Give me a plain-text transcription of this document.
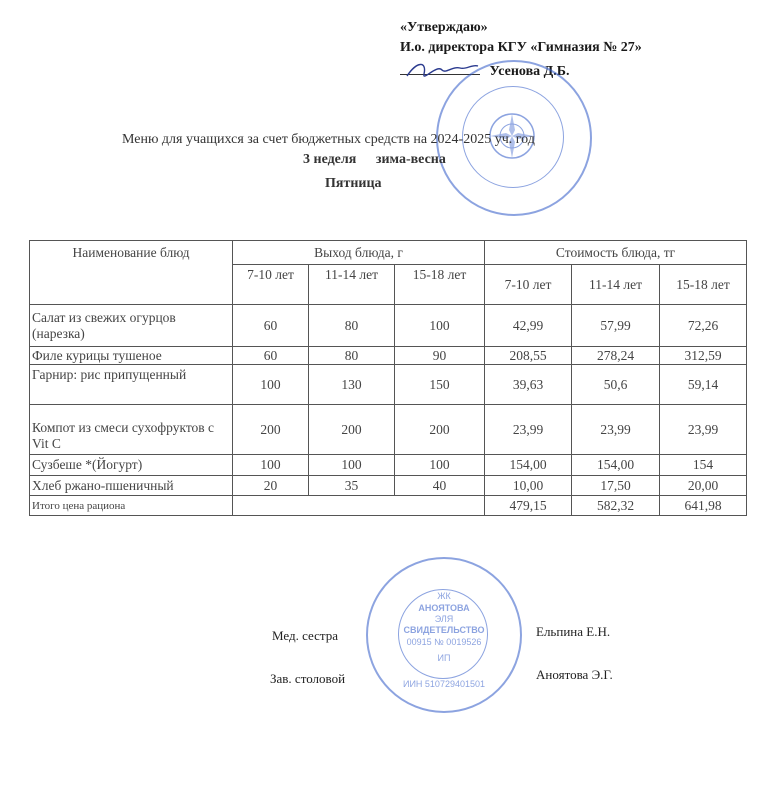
«Утверждаю»
И.о. директора КГУ «Гимназия № 27»
Усенова Д.Б.
Меню для учащихся за счет бюджетных средств на 2024-2025 уч. год
3 неделя зима-весна
Пятница
Наименование блюд	Выход блюда, г			Стоимость блюда, тг		
	7-10 лет	11-14 лет	15-18 лет	7-10 лет	11-14 лет	15-18 лет
Салат из свежих огурцов (нарезка)	60	80	100	42,99	57,99	72,26
Филе курицы тушеное	60	80	90	208,55	278,24	312,59
Гарнир: рис припущенный	100	130	150	39,63	50,6	59,14
Компот из смеси сухофруктов с Vit C	200	200	200	23,99	23,99	23,99
Сузбеше *(Йогурт)	100	100	100	154,00	154,00	154
Хлеб ржано-пшеничный	20	35	40	10,00	17,50	20,00
Итого цена рациона				479,15	582,32	641,98
Мед. сестра	Ельпина Е.Н.
Зав. столовой	Аноятова Э.Г.
ЖК
АНОЯТОВА
ЭЛЯ
СВИДЕТЕЛЬСТВО
00915 № 0019526
ИП
ИИН 510729401501
